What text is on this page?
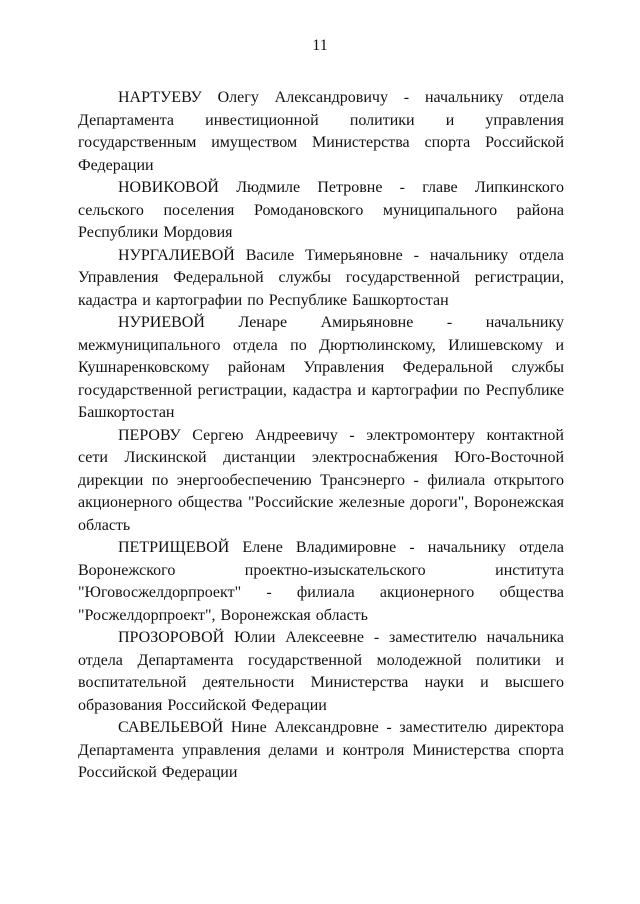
11

НАРТУЕВУ Олегу Александровичу - начальнику отдела Департамента инвестиционной политики и управления государственным имуществом Министерства спорта Российской Федерации

НОВИКОВОЙ Людмиле Петровне - главе Липкинского сельского поселения Ромодановского муниципального района Республики Мордовия

НУРГАЛИЕВОЙ Василе Тимерьяновне - начальнику отдела Управления Федеральной службы государственной регистрации, кадастра и картографии по Республике Башкортостан

НУРИЕВОЙ Ленаре Амирьяновне - начальнику межмуниципального отдела по Дюртюлинскому, Илишевскому и Кушнаренковскому районам Управления Федеральной службы государственной регистрации, кадастра и картографии по Республике Башкортостан

ПЕРОВУ Сергею Андреевичу - электромонтеру контактной сети Лискинской дистанции электроснабжения Юго-Восточной дирекции по энергообеспечению Трансэнерго - филиала открытого акционерного общества "Российские железные дороги", Воронежская область

ПЕТРИЩЕВОЙ Елене Владимировне - начальнику отдела Воронежского проектно-изыскательского института "Юговосжелдорпроект" - филиала акционерного общества "Росжелдорпроект", Воронежская область

ПРОЗОРОВОЙ Юлии Алексеевне - заместителю начальника отдела Департамента государственной молодежной политики и воспитательной деятельности Министерства науки и высшего образования Российской Федерации

САВЕЛЬЕВОЙ Нине Александровне - заместителю директора Департамента управления делами и контроля Министерства спорта Российской Федерации
